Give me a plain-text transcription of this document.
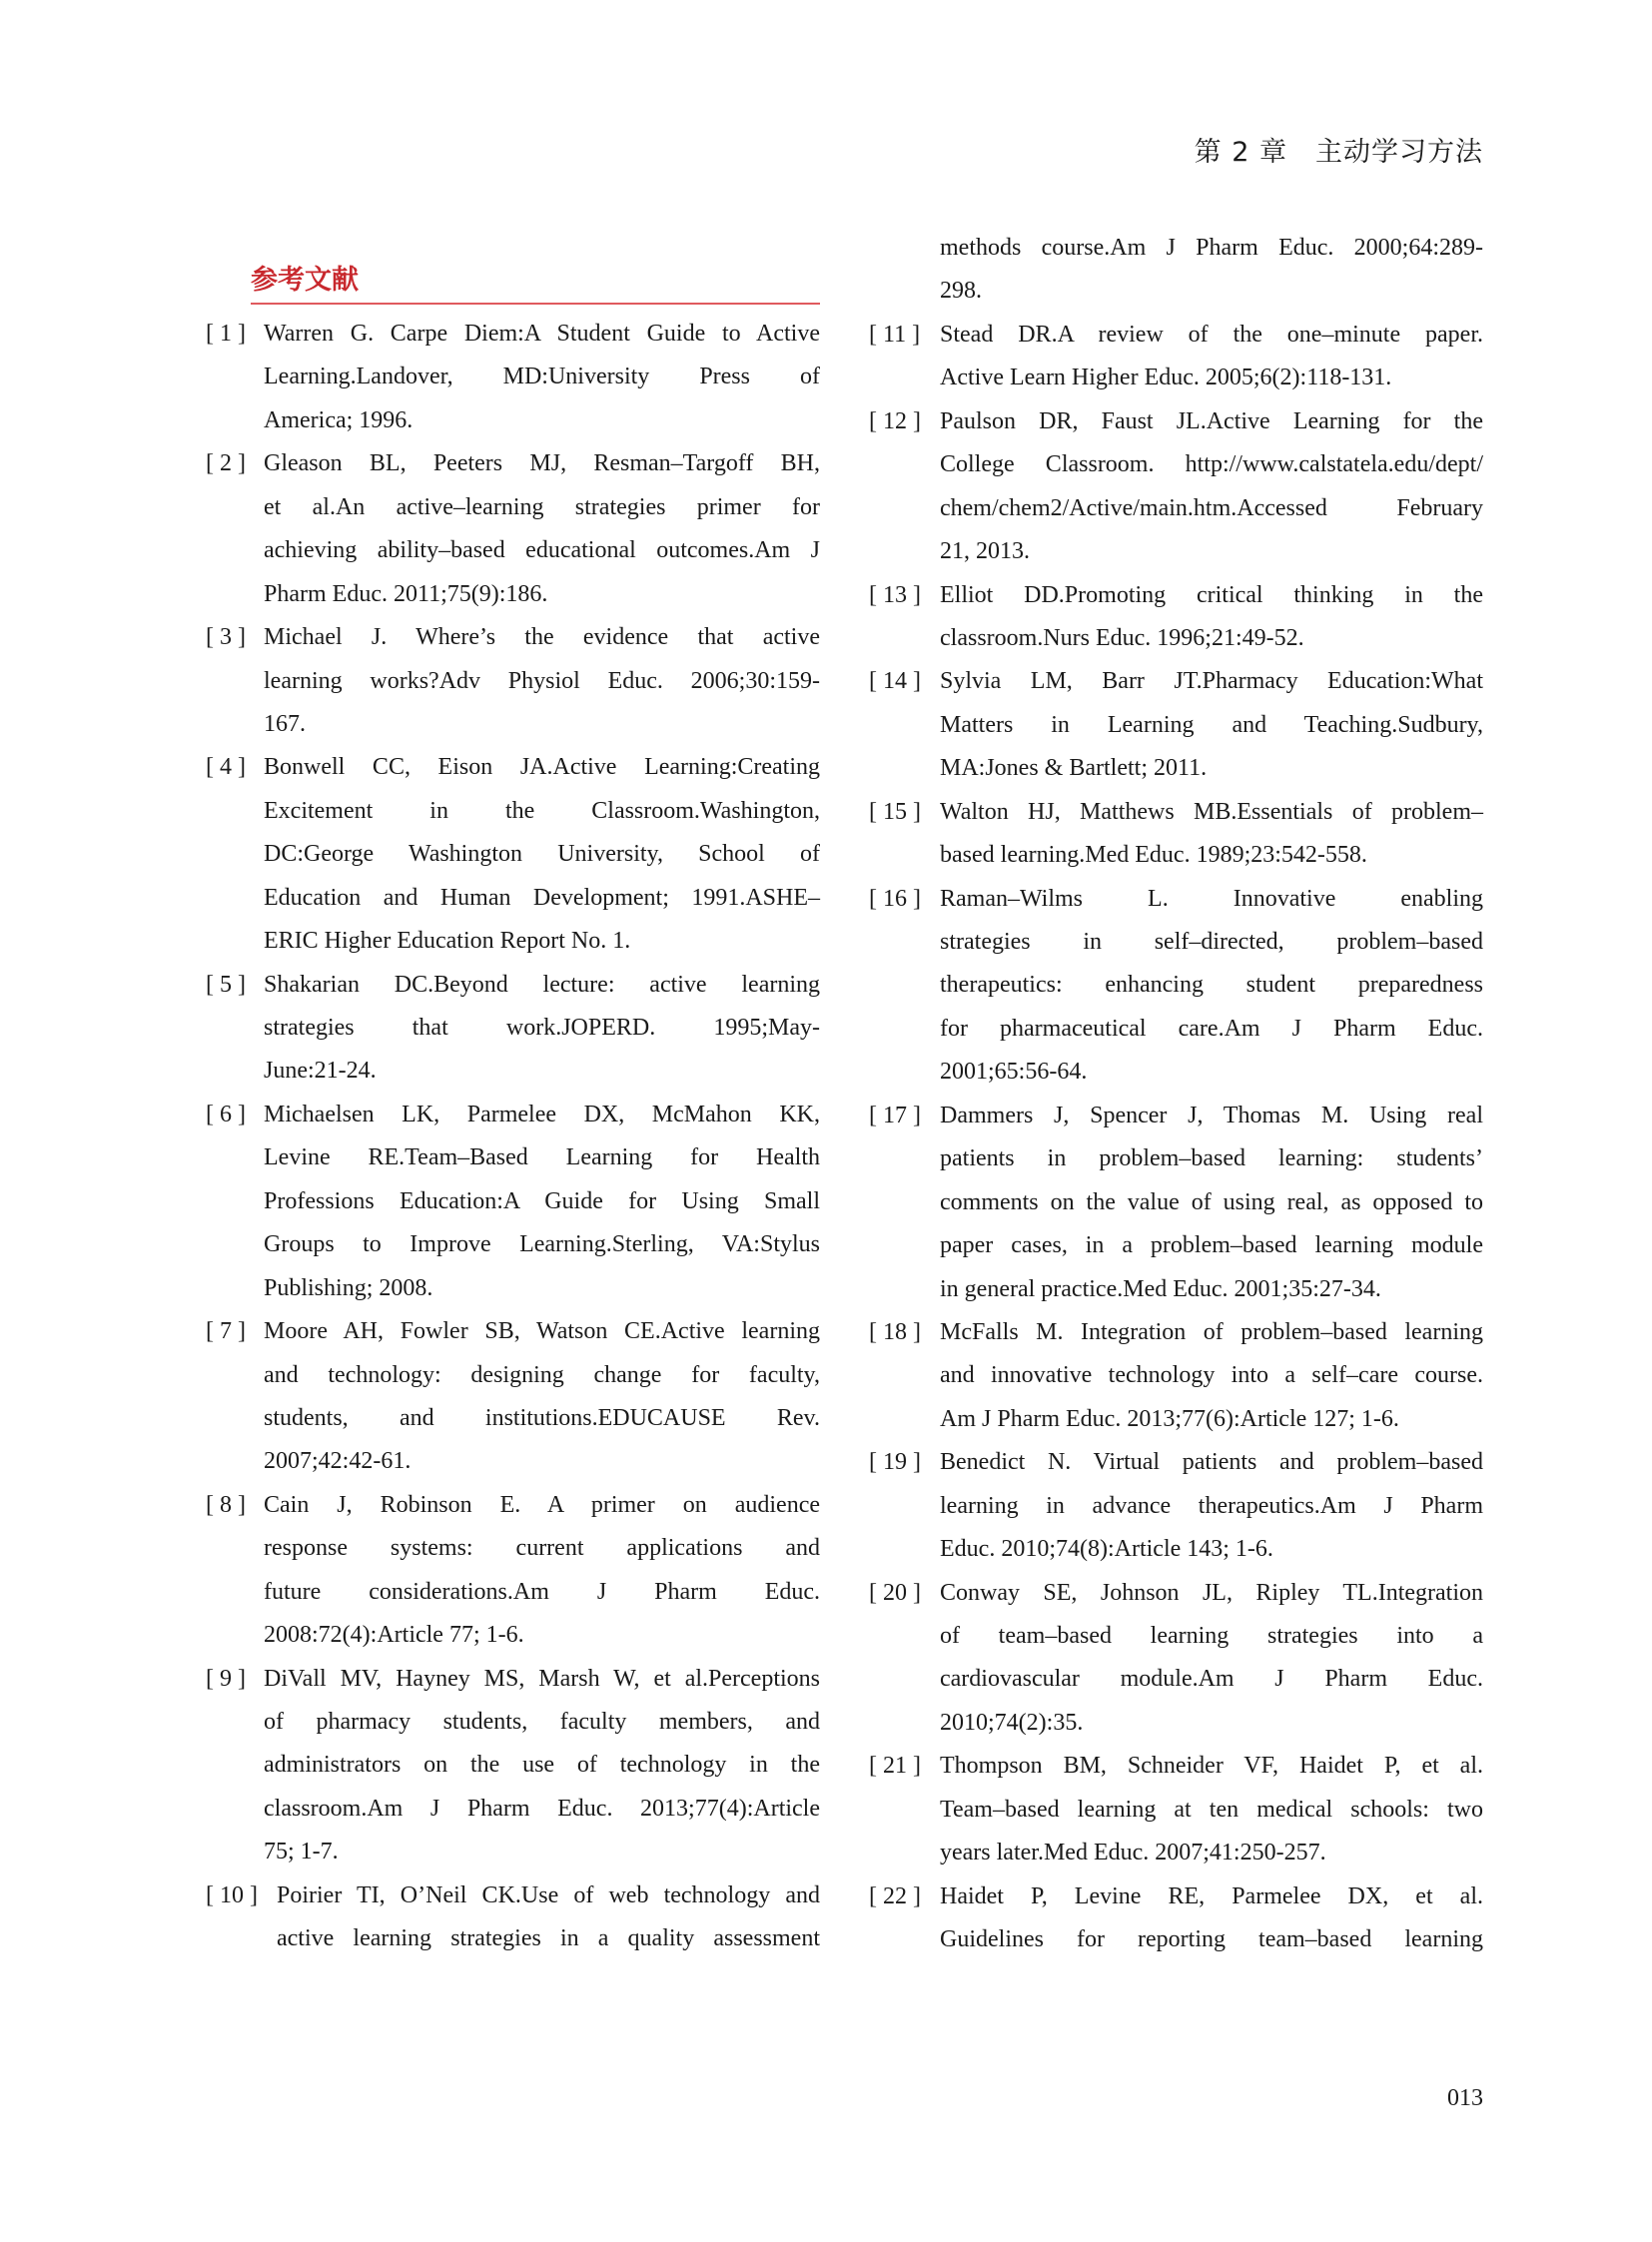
第 2 章　主动学习方法
参考文献
[ 1 ] Warren G. Carpe Diem:A Student Guide to Active
Learning.Landover, MD:University Press of
America; 1996.
[ 2 ] Gleason BL, Peeters MJ, Resman–Targoff BH,
et al.An active–learning strategies primer for
achieving ability–based educational outcomes.Am J
Pharm Educ. 2011;75(9):186.
[ 3 ] Michael J. Where’s the evidence that active
learning works?Adv Physiol Educ. 2006;30:159-
167.
[ 4 ] Bonwell CC, Eison JA.Active Learning:Creating
Excitement in the Classroom.Washington,
DC:George Washington University, School of
Education and Human Development; 1991.ASHE–
ERIC Higher Education Report No. 1.
[ 5 ] Shakarian DC.Beyond lecture: active learning
strategies that work.JOPERD. 1995;May-
June:21-24.
[ 6 ] Michaelsen LK, Parmelee DX, McMahon KK,
Levine RE.Team–Based Learning for Health
Professions Education:A Guide for Using Small
Groups to Improve Learning.Sterling, VA:Stylus
Publishing; 2008.
[ 7 ] Moore AH, Fowler SB, Watson CE.Active learning
and technology: designing change for faculty,
students, and institutions.EDUCAUSE Rev.
2007;42:42-61.
[ 8 ] Cain J, Robinson E. A primer on audience
response systems: current applications and
future considerations.Am J Pharm Educ.
2008:72(4):Article 77; 1-6.
[ 9 ] DiVall MV, Hayney MS, Marsh W, et al.Perceptions
of pharmacy students, faculty members, and
administrators on the use of technology in the
classroom.Am J Pharm Educ. 2013;77(4):Article
75; 1-7.
[ 10 ] Poirier TI, O’Neil CK.Use of web technology and
active learning strategies in a quality assessment
methods course.Am J Pharm Educ. 2000;64:289-
298.
[ 11 ] Stead DR.A review of the one–minute paper.
Active Learn Higher Educ. 2005;6(2):118-131.
[ 12 ] Paulson DR, Faust JL.Active Learning for the
College Classroom. http://www.calstatela.edu/dept/
chem/chem2/Active/main.htm.Accessed February
21, 2013.
[ 13 ] Elliot DD.Promoting critical thinking in the
classroom.Nurs Educ. 1996;21:49-52.
[ 14 ] Sylvia LM, Barr JT.Pharmacy Education:What
Matters in Learning and Teaching.Sudbury,
MA:Jones & Bartlett; 2011.
[ 15 ] Walton HJ, Matthews MB.Essentials of problem–
based learning.Med Educ. 1989;23:542-558.
[ 16 ] Raman–Wilms L. Innovative enabling
strategies in self–directed, problem–based
therapeutics: enhancing student preparedness
for pharmaceutical care.Am J Pharm Educ.
2001;65:56-64.
[ 17 ] Dammers J, Spencer J, Thomas M. Using real
patients in problem–based learning: students’
comments on the value of using real, as opposed to
paper cases, in a problem–based learning module
in general practice.Med Educ. 2001;35:27-34.
[ 18 ] McFalls M. Integration of problem–based learning
and innovative technology into a self–care course.
Am J Pharm Educ. 2013;77(6):Article 127; 1-6.
[ 19 ] Benedict N. Virtual patients and problem–based
learning in advance therapeutics.Am J Pharm
Educ. 2010;74(8):Article 143; 1-6.
[ 20 ] Conway SE, Johnson JL, Ripley TL.Integration
of team–based learning strategies into a
cardiovascular module.Am J Pharm Educ.
2010;74(2):35.
[ 21 ] Thompson BM, Schneider VF, Haidet P, et al.
Team–based learning at ten medical schools: two
years later.Med Educ. 2007;41:250-257.
[ 22 ] Haidet P, Levine RE, Parmelee DX, et al.
Guidelines for reporting team–based learning
013
